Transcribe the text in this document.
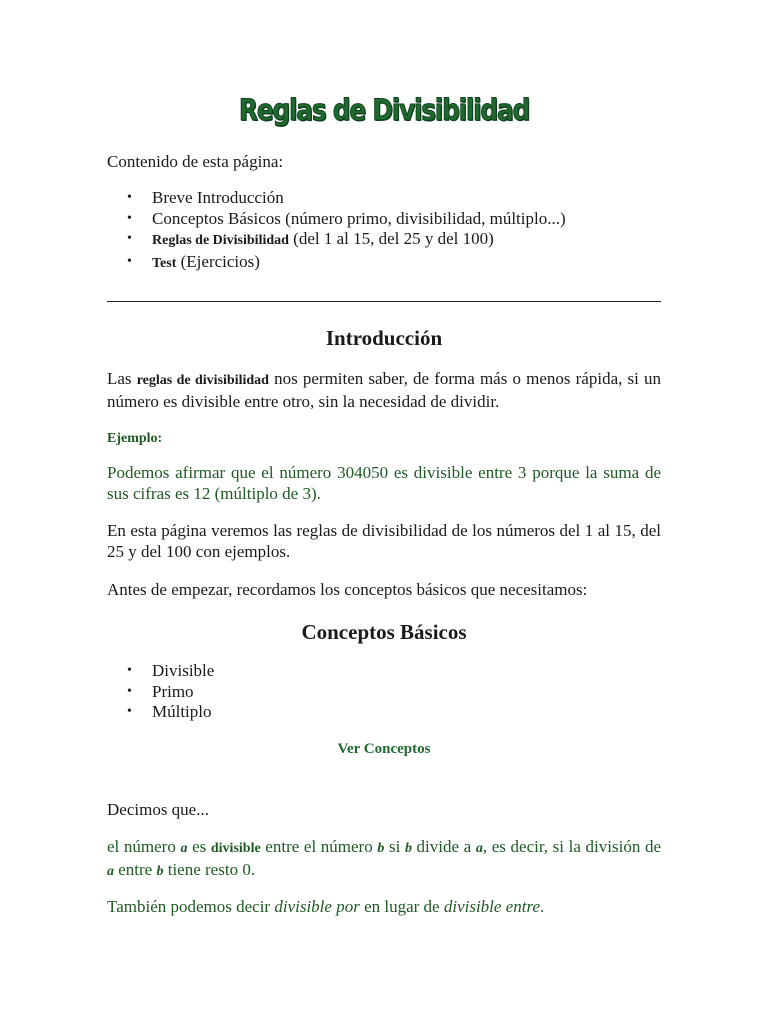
Reglas de Divisibilidad
Contenido de esta página:
• Breve Introducción
• Conceptos Básicos (número primo, divisibilidad, múltiplo...)
• Reglas de Divisibilidad (del 1 al 15, del 25 y del 100)
• Test (Ejercicios)
Introducción
Las reglas de divisibilidad nos permiten saber, de forma más o menos rápida, si un número es divisible entre otro, sin la necesidad de dividir.
Ejemplo:
Podemos afirmar que el número 304050 es divisible entre 3 porque la suma de sus cifras es 12 (múltiplo de 3).
En esta página veremos las reglas de divisibilidad de los números del 1 al 15, del 25 y del 100 con ejemplos.
Antes de empezar, recordamos los conceptos básicos que necesitamos:
Conceptos Básicos
• Divisible
• Primo
• Múltiplo
Ver Conceptos
Decimos que...
el número a es divisible entre el número b si b divide a a, es decir, si la división de a entre b tiene resto 0.
También podemos decir divisible por en lugar de divisible entre.
